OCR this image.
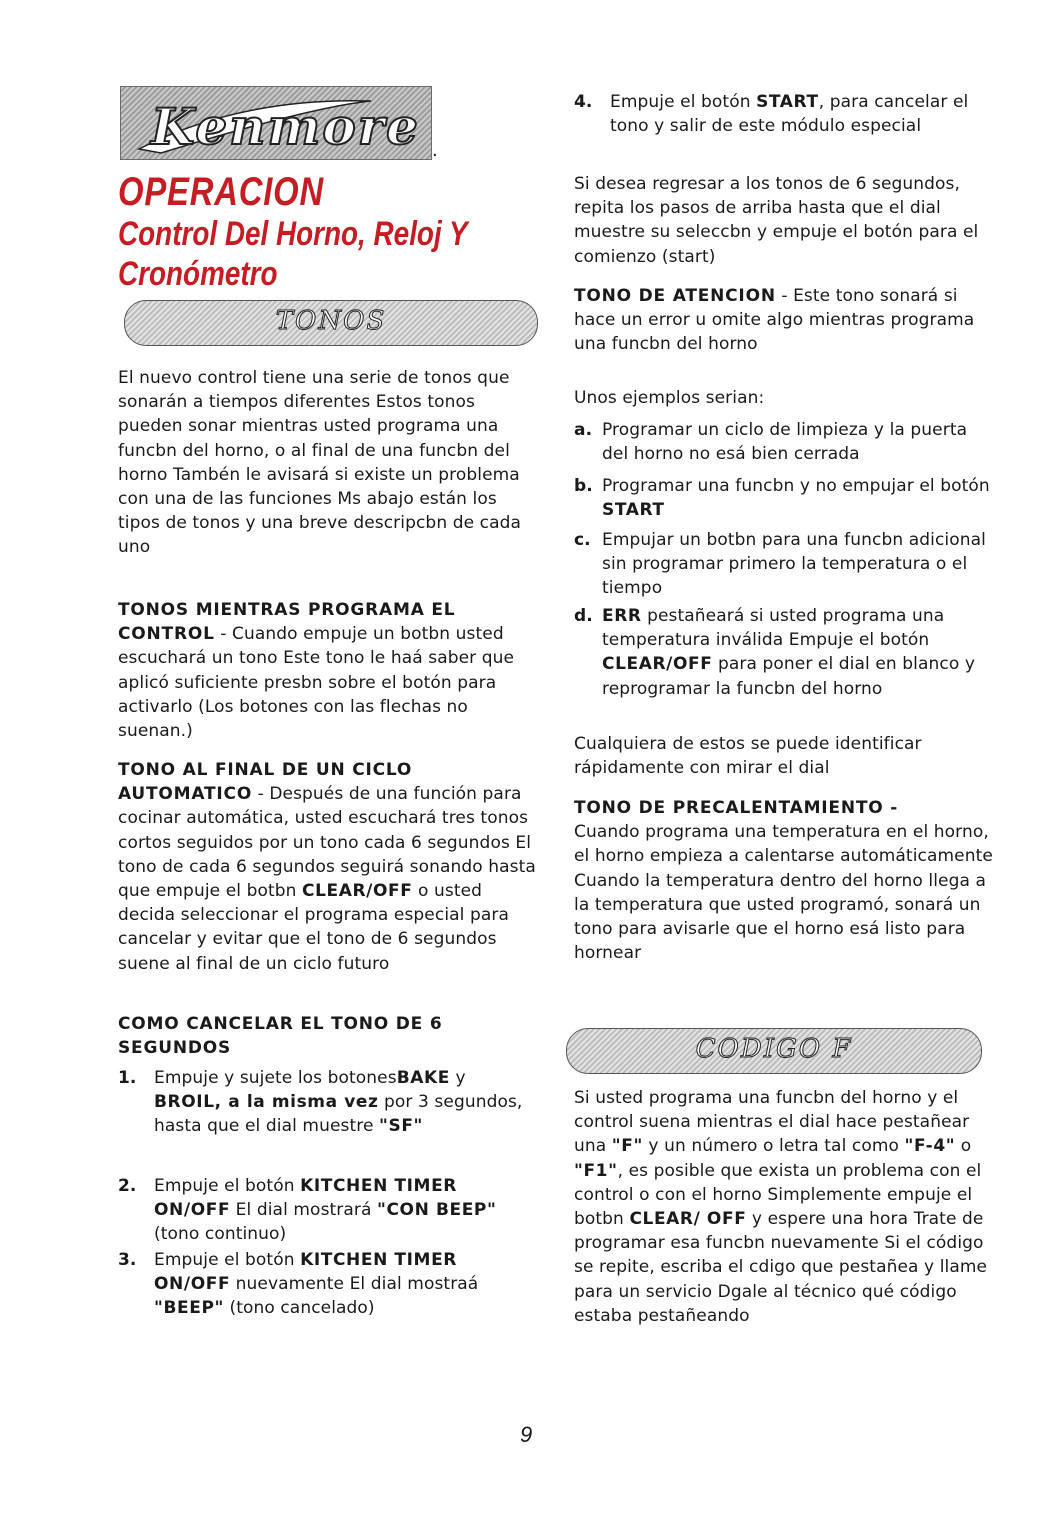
Kenmore .
OPERACION
Control Del Horno, Reloj Y Cronómetro
TONOS

El nuevo control tiene una serie de tonos que sonarán a tiempos diferentes Estos tonos pueden sonar mientras usted programa una funcbn del horno, o al final de una funcbn del horno Tambén le avisará si existe un problema con una de las funciones Ms abajo están los tipos de tonos y una breve descripcbn de cada uno

TONOS MIENTRAS PROGRAMA EL CONTROL - Cuando empuje un botbn usted escuchará un tono Este tono le haá saber que aplicó suficiente presbn sobre el botón para activarlo (Los botones con las flechas no suenan.)

TONO AL FINAL DE UN CICLO AUTOMATICO - Después de una función para cocinar automática, usted escuchará tres tonos cortos seguidos por un tono cada 6 segundos El tono de cada 6 segundos seguirá sonando hasta que empuje el botbn CLEAR/OFF o usted decida seleccionar el programa especial para cancelar y evitar que el tono de 6 segundos suene al final de un ciclo futuro

COMO CANCELAR EL TONO DE 6 SEGUNDOS

1.	Empuje y sujete los botonesBAKE y BROIL, a la misma vez por 3 segundos, hasta que el dial muestre "SF"
2.	Empuje el botón KITCHEN TIMER ON/OFF El dial mostrará "CON BEEP" (tono continuo)
3.	Empuje el botón KITCHEN TIMER ON/OFF nuevamente El dial mostraá "BEEP" (tono cancelado)
4.	Empuje el botón START, para cancelar el tono y salir de este módulo especial

Si desea regresar a los tonos de 6 segundos, repita los pasos de arriba hasta que el dial muestre su seleccbn y empuje el botón para el comienzo (start)

TONO DE ATENCION - Este tono sonará si hace un error u omite algo mientras programa una funcbn del horno

Unos ejemplos serian:

a. Programar un ciclo de limpieza y la puerta del horno no esá bien cerrada
b. Programar una funcbn y no empujar el botón START
c. Empujar un botbn para una funcbn adicional sin programar primero la temperatura o el tiempo
d. ERR pestañeará si usted programa una temperatura inválida Empuje el botón CLEAR/OFF para poner el dial en blanco y reprogramar la funcbn del horno

Cualquiera de estos se puede identificar rápidamente con mirar el dial

TONO DE PRECALENTAMIENTO -
Cuando programa una temperatura en el horno, el horno empieza a calentarse automáticamente Cuando la temperatura dentro del horno llega a la temperatura que usted programó, sonará un tono para avisarle que el horno esá listo para hornear

Si usted programa una funcbn del horno y el control suena mientras el dial hace pestañear una "F" y un número o letra tal como "F-4" o "F1", es posible que exista un problema con el control o con el horno Simplemente empuje el botbn CLEAR/ OFF y espere una hora Trate de programar esa funcbn nuevamente Si el código se repite, escriba el cdigo que pestañea y llame para un servicio Dgale al técnico qué código estaba pestañeando

CODIGO F
9
